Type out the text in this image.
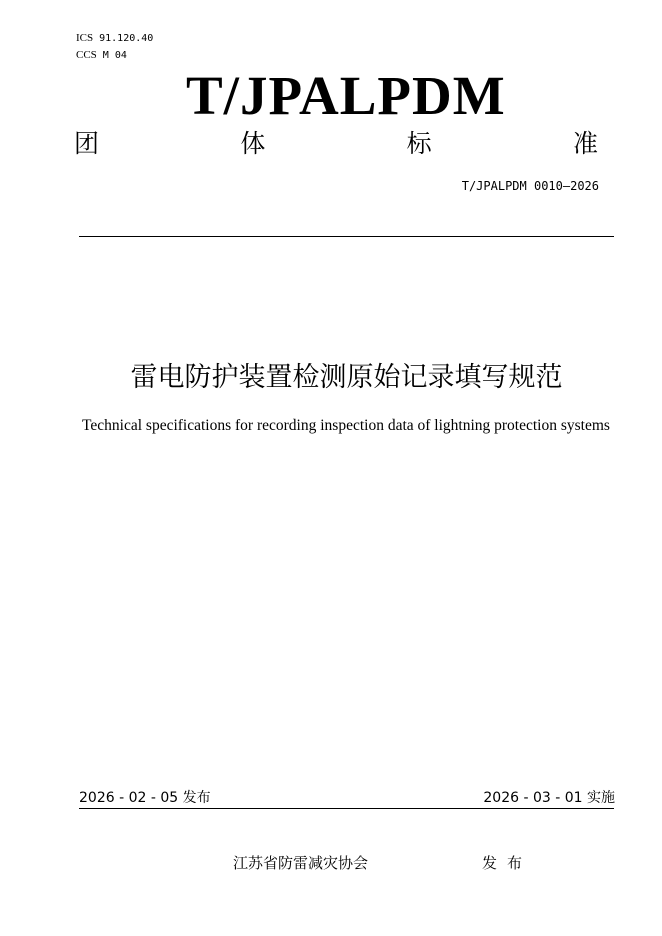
ICS 91.120.40
CCS M 04
T/JPALPDM
团	体	标	准
T/JPALPDM 0010—2026
雷电防护装置检测原始记录填写规范
Technical specifications for recording inspection data of lightning protection systems
2026 - 02 - 05 发布	2026 - 03 - 01 实施
江苏省防雷减灾协会	发布
